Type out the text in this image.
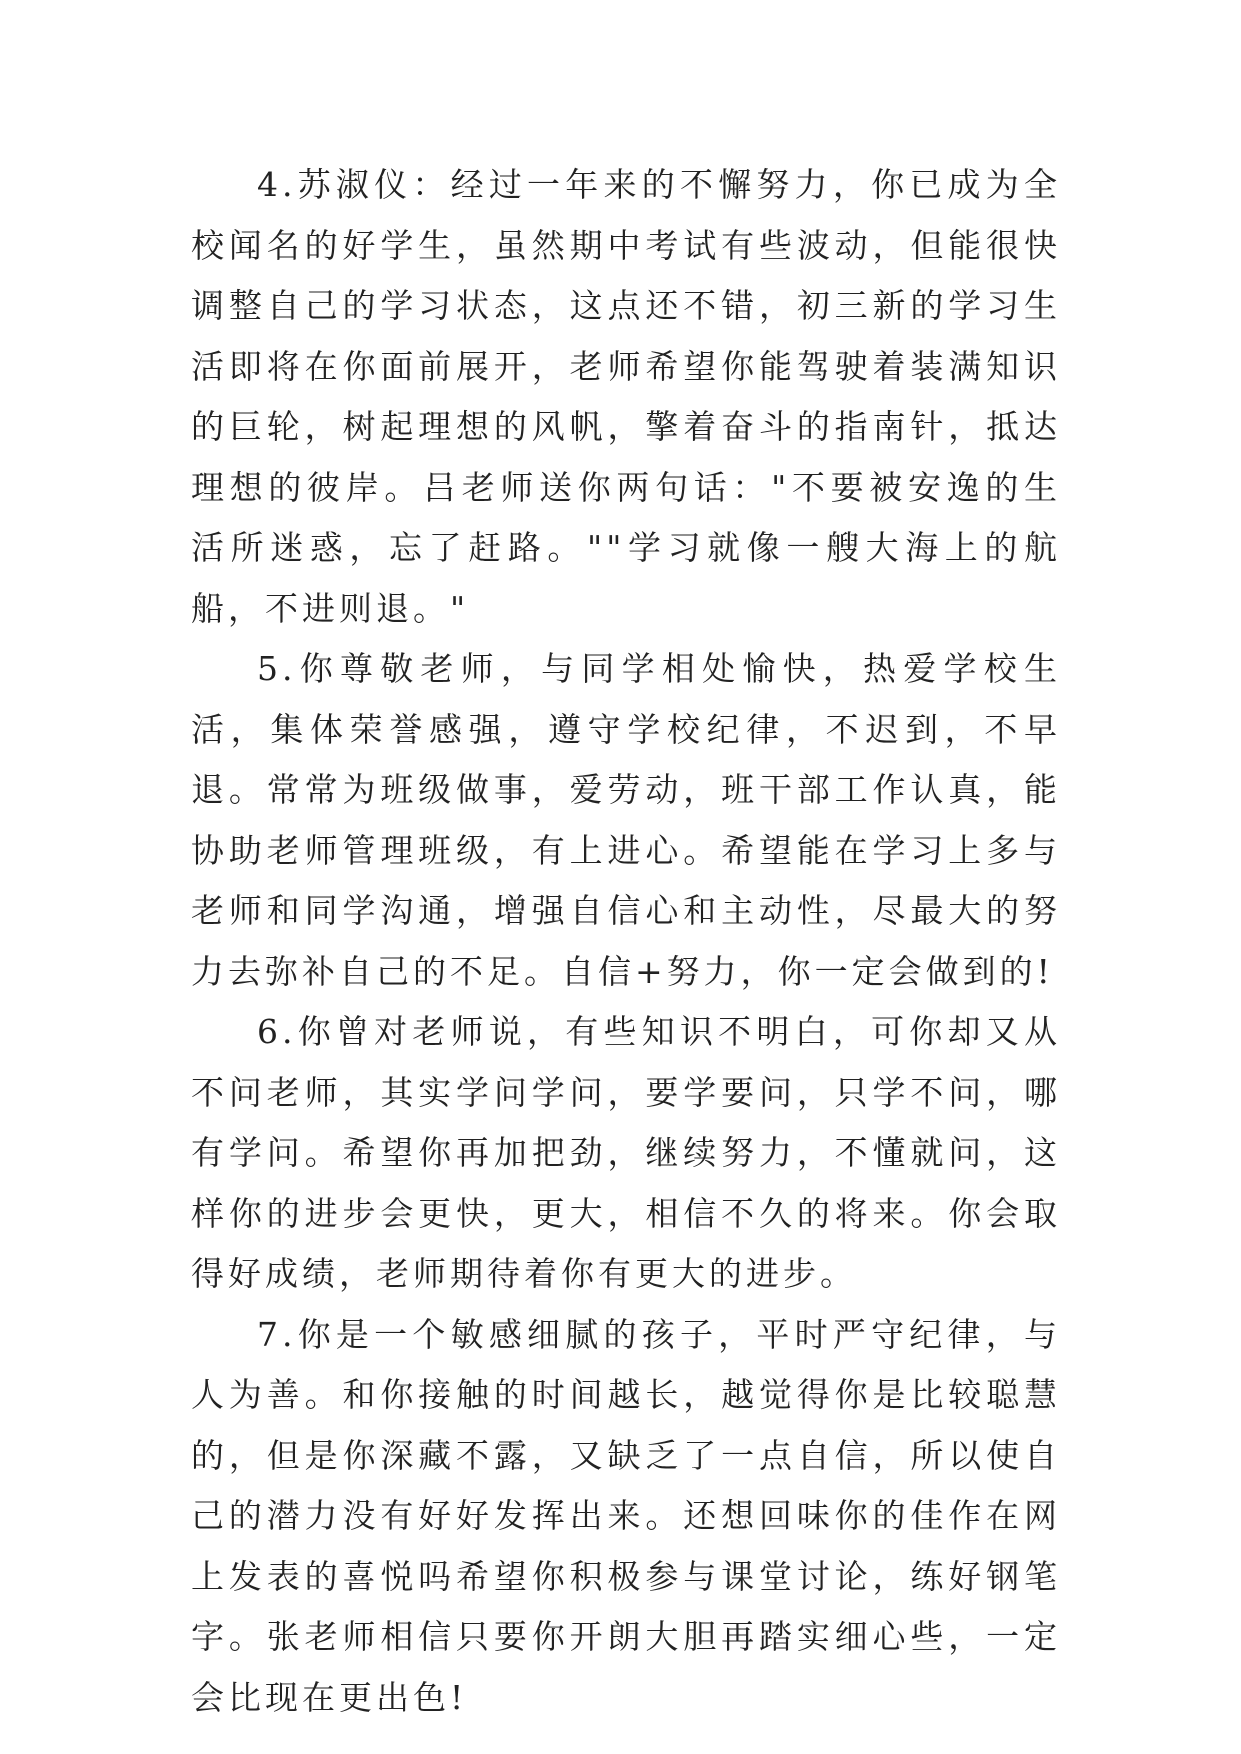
4.苏淑仪：经过一年来的不懈努力，你已成为全校闻名的好学生，虽然期中考试有些波动，但能很快调整自己的学习状态，这点还不错，初三新的学习生活即将在你面前展开，老师希望你能驾驶着装满知识的巨轮，树起理想的风帆，擎着奋斗的指南针，抵达理想的彼岸。吕老师送你两句话："不要被安逸的生活所迷惑，忘了赶路。""学习就像一艘大海上的航船，不进则退。"

5.你尊敬老师，与同学相处愉快，热爱学校生活，集体荣誉感强，遵守学校纪律，不迟到，不早退。常常为班级做事，爱劳动，班干部工作认真，能协助老师管理班级，有上进心。希望能在学习上多与老师和同学沟通，增强自信心和主动性，尽最大的努力去弥补自己的不足。自信+努力，你一定会做到的!

6.你曾对老师说，有些知识不明白，可你却又从不问老师，其实学问学问，要学要问，只学不问，哪有学问。希望你再加把劲，继续努力，不懂就问，这样你的进步会更快，更大，相信不久的将来。你会取得好成绩，老师期待着你有更大的进步。

7.你是一个敏感细腻的孩子，平时严守纪律，与人为善。和你接触的时间越长，越觉得你是比较聪慧的，但是你深藏不露，又缺乏了一点自信，所以使自己的潜力没有好好发挥出来。还想回味你的佳作在网上发表的喜悦吗希望你积极参与课堂讨论，练好钢笔字。张老师相信只要你开朗大胆再踏实细心些，一定会比现在更出色!
